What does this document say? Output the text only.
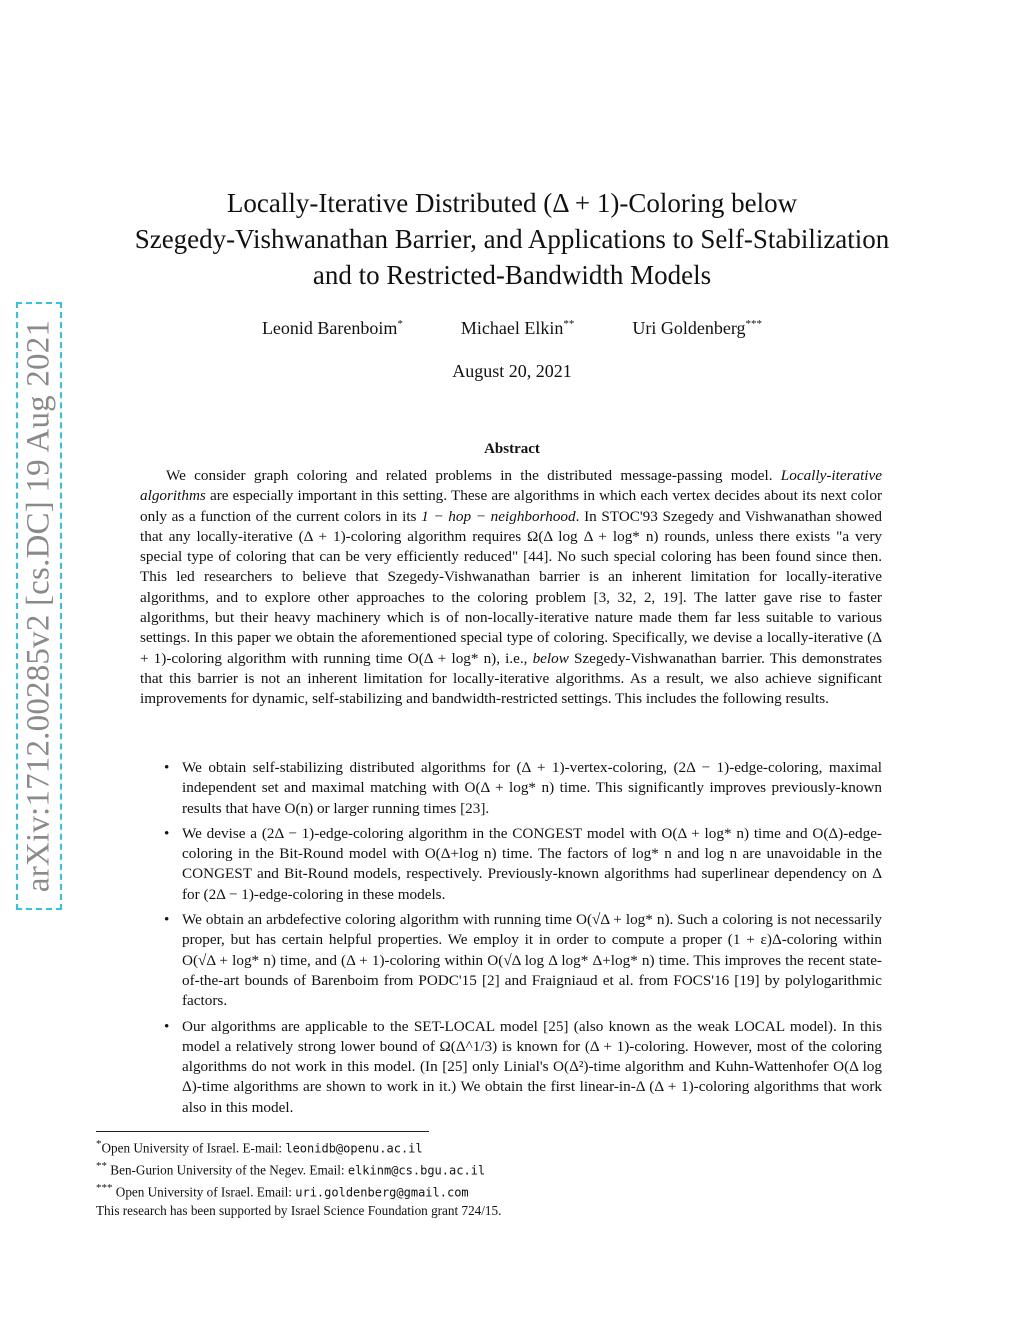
arXiv:1712.00285v2 [cs.DC] 19 Aug 2021
Locally-Iterative Distributed (Δ + 1)-Coloring below
Szegedy-Vishwanathan Barrier, and Applications to Self-Stabilization
and to Restricted-Bandwidth Models
Leonid Barenboim*	Michael Elkin**	Uri Goldenberg***
August 20, 2021
Abstract

We consider graph coloring and related problems in the distributed message-passing model. Locally-iterative algorithms are especially important in this setting. These are algorithms in which each vertex decides about its next color only as a function of the current colors in its 1 − hop − neighborhood. In STOC'93 Szegedy and Vishwanathan showed that any locally-iterative (Δ + 1)-coloring algorithm requires Ω(Δ log Δ + log* n) rounds, unless there exists "a very special type of coloring that can be very efficiently reduced" [44]. No such special coloring has been found since then. This led researchers to believe that Szegedy-Vishwanathan barrier is an inherent limitation for locally-iterative algorithms, and to explore other approaches to the coloring problem [3, 32, 2, 19]. The latter gave rise to faster algorithms, but their heavy machinery which is of non-locally-iterative nature made them far less suitable to various settings. In this paper we obtain the aforementioned special type of coloring. Specifically, we devise a locally-iterative (Δ + 1)-coloring algorithm with running time O(Δ + log* n), i.e., below Szegedy-Vishwanathan barrier. This demonstrates that this barrier is not an inherent limitation for locally-iterative algorithms. As a result, we also achieve significant improvements for dynamic, self-stabilizing and bandwidth-restricted settings. This includes the following results.

• We obtain self-stabilizing distributed algorithms for (Δ + 1)-vertex-coloring, (2Δ − 1)-edge-coloring, maximal independent set and maximal matching with O(Δ + log* n) time. This significantly improves previously-known results that have O(n) or larger running times [23].
• We devise a (2Δ − 1)-edge-coloring algorithm in the CONGEST model with O(Δ + log* n) time and O(Δ)-edge-coloring in the Bit-Round model with O(Δ+log n) time. The factors of log* n and log n are unavoidable in the CONGEST and Bit-Round models, respectively. Previously-known algorithms had superlinear dependency on Δ for (2Δ − 1)-edge-coloring in these models.
• We obtain an arbdefective coloring algorithm with running time O(√Δ + log* n). Such a coloring is not necessarily proper, but has certain helpful properties. We employ it in order to compute a proper (1 + ε)Δ-coloring within O(√Δ + log* n) time, and (Δ + 1)-coloring within O(√Δ log Δ log* Δ+log* n) time. This improves the recent state-of-the-art bounds of Barenboim from PODC'15 [2] and Fraigniaud et al. from FOCS'16 [19] by polylogarithmic factors.
• Our algorithms are applicable to the SET-LOCAL model [25] (also known as the weak LOCAL model). In this model a relatively strong lower bound of Ω(Δ^1/3) is known for (Δ + 1)-coloring. However, most of the coloring algorithms do not work in this model. (In [25] only Linial's O(Δ²)-time algorithm and Kuhn-Wattenhofer O(Δ log Δ)-time algorithms are shown to work in it.) We obtain the first linear-in-Δ (Δ + 1)-coloring algorithms that work also in this model.
*Open University of Israel. E-mail: leonidb@openu.ac.il
** Ben-Gurion University of the Negev. Email: elkinm@cs.bgu.ac.il
*** Open University of Israel. Email: uri.goldenberg@gmail.com
This research has been supported by Israel Science Foundation grant 724/15.
